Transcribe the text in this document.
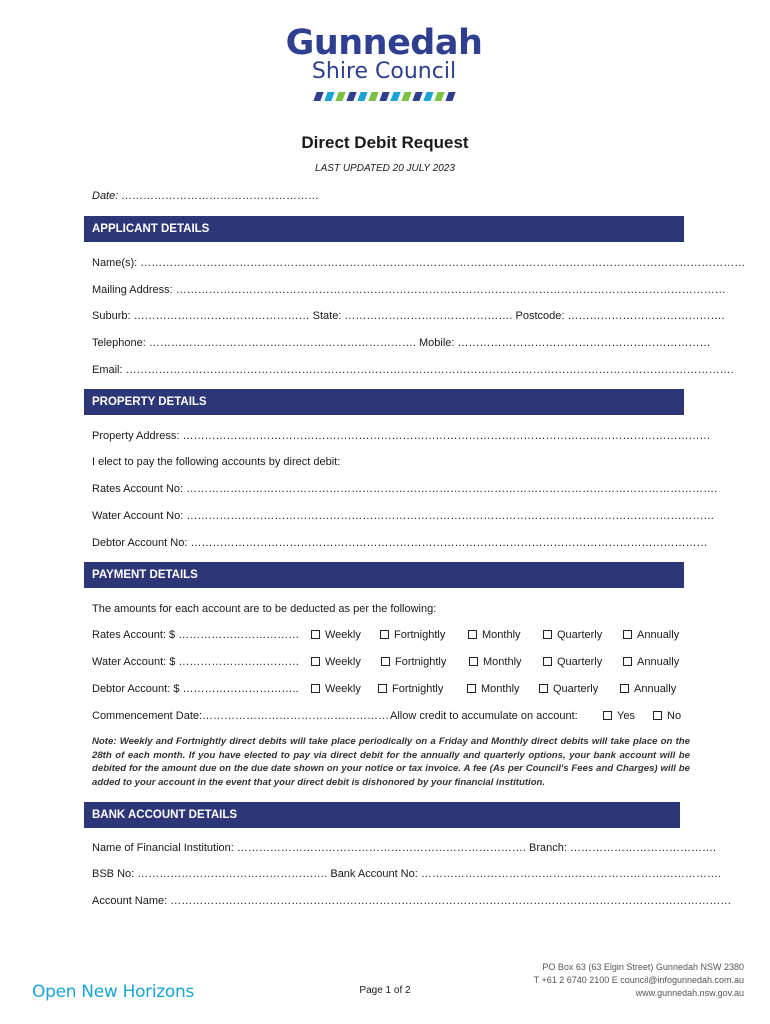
Gunnedah
Shire Council
Direct Debit Request
LAST UPDATED 20 JULY 2023
Date: ………………………………………………
APPLICANT DETAILS
Name(s): …………………………………………………………………………………………………………………………………………………
Mailing Address: ……………………………………………………………………………………………………………………………………
Suburb: ………………………………………… State: ………………………………………. Postcode: …………………………………….
Telephone: ………………………………………………………………. Mobile: ……………………………………………………………
Email: ………………………………………………………………………………………………………………………………………………….
PROPERTY DETAILS
Property Address: ………………………………………………………………………………………………………………………………
I elect to pay the following accounts by direct debit:
Rates Account No: ……………………………………………………………………………………………………………………………….
Water Account No: ………………………………………………………………………………………………………………………………
Debtor Account No: ……………………………………………………………………………………………………………………………
PAYMENT DETAILS
The amounts for each account are to be deducted as per the following:
Rates Account: $ ……………………………	Weekly	Fortnightly	Monthly	Quarterly	Annually
Water Account: $ ……………………………	Weekly	Fortnightly	Monthly	Quarterly	Annually
Debtor Account: $ …………………………..	Weekly	Fortnightly	Monthly	Quarterly	Annually
Commencement Date:…………………………………………… Allow credit to accumulate on account:	Yes	No
Note: Weekly and Fortnightly direct debits will take place periodically on a Friday and Monthly direct debits will take place on the 28th of each month. If you have elected to pay via direct debit for the annually and quarterly options, your bank account will be debited for the amount due on the due date shown on your notice or tax invoice. A fee (As per Council's Fees and Charges) will be added to your account in the event that your direct debit is dishonored by your financial institution.
BANK ACCOUNT DETAILS
Name of Financial Institution: ……………………………………………………………………. Branch: ………………………………….
BSB No: ……………………………………………. Bank Account No: ……………………………………………………………………….
Account Name: ………………………………………………………………………………………………………………………………………
Open New Horizons	Page 1 of 2
PO Box 63 (63 Elgin Street) Gunnedah NSW 2380
T +61 2 6740 2100 E council@infogunnedah.com.au
www.gunnedah.nsw.gov.au
